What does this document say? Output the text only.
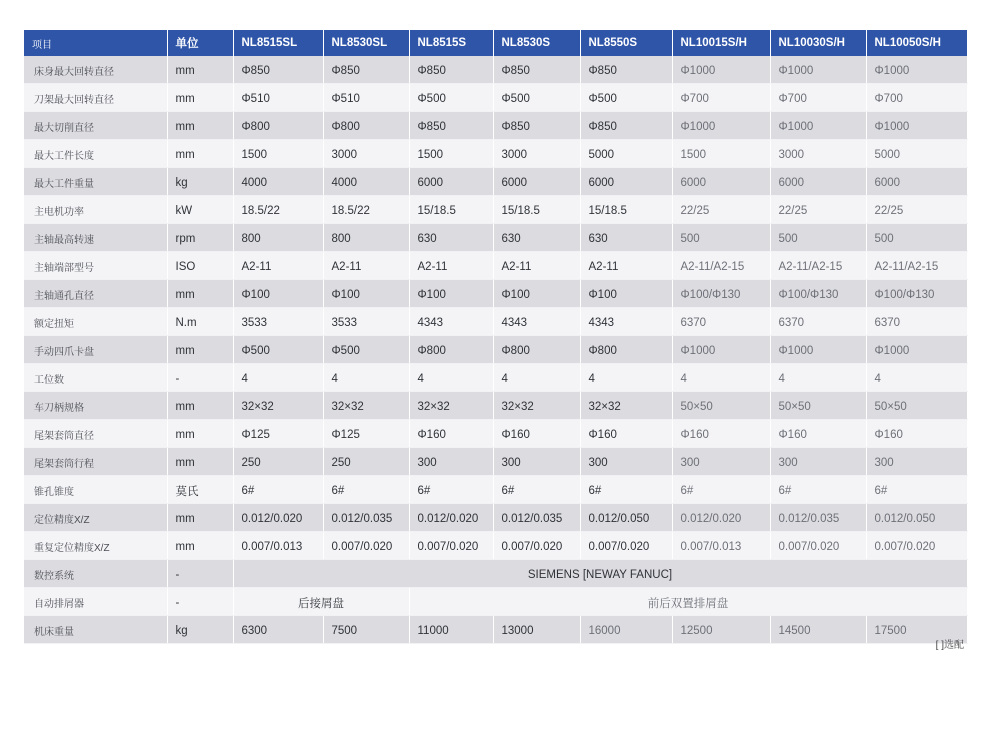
项目	单位	NL8515SL	NL8530SL	NL8515S	NL8530S	NL8550S	NL10015S/H	NL10030S/H	NL10050S/H
床身最大回转直径	mm	Φ850	Φ850	Φ850	Φ850	Φ850	Φ1000	Φ1000	Φ1000
刀架最大回转直径	mm	Φ510	Φ510	Φ500	Φ500	Φ500	Φ700	Φ700	Φ700
最大切削直径	mm	Φ800	Φ800	Φ850	Φ850	Φ850	Φ1000	Φ1000	Φ1000
最大工件长度	mm	1500	3000	1500	3000	5000	1500	3000	5000
最大工件重量	kg	4000	4000	6000	6000	6000	6000	6000	6000
主电机功率	kW	18.5/22	18.5/22	15/18.5	15/18.5	15/18.5	22/25	22/25	22/25
主轴最高转速	rpm	800	800	630	630	630	500	500	500
主轴端部型号	ISO	A2-11	A2-11	A2-11	A2-11	A2-11	A2-11/A2-15	A2-11/A2-15	A2-11/A2-15
主轴通孔直径	mm	Φ100	Φ100	Φ100	Φ100	Φ100	Φ100/Φ130	Φ100/Φ130	Φ100/Φ130
额定扭矩	N.m	3533	3533	4343	4343	4343	6370	6370	6370
手动四爪卡盘	mm	Φ500	Φ500	Φ800	Φ800	Φ800	Φ1000	Φ1000	Φ1000
工位数	-	4	4	4	4	4	4	4	4
车刀柄规格	mm	32×32	32×32	32×32	32×32	32×32	50×50	50×50	50×50
尾架套筒直径	mm	Φ125	Φ125	Φ160	Φ160	Φ160	Φ160	Φ160	Φ160
尾架套筒行程	mm	250	250	300	300	300	300	300	300
锥孔锥度	莫氏	6#	6#	6#	6#	6#	6#	6#	6#
定位精度X/Z	mm	0.012/0.020	0.012/0.035	0.012/0.020	0.012/0.035	0.012/0.050	0.012/0.020	0.012/0.035	0.012/0.050
重复定位精度X/Z	mm	0.007/0.013	0.007/0.020	0.007/0.020	0.007/0.020	0.007/0.020	0.007/0.013	0.007/0.020	0.007/0.020
数控系统	-	SIEMENS [NEWAY FANUC]							
自动排屑器	-	后接屑盘		前后双置排屑盘					
机床重量	kg	6300	7500	11000	13000	16000	12500	14500	17500
[ ]选配
